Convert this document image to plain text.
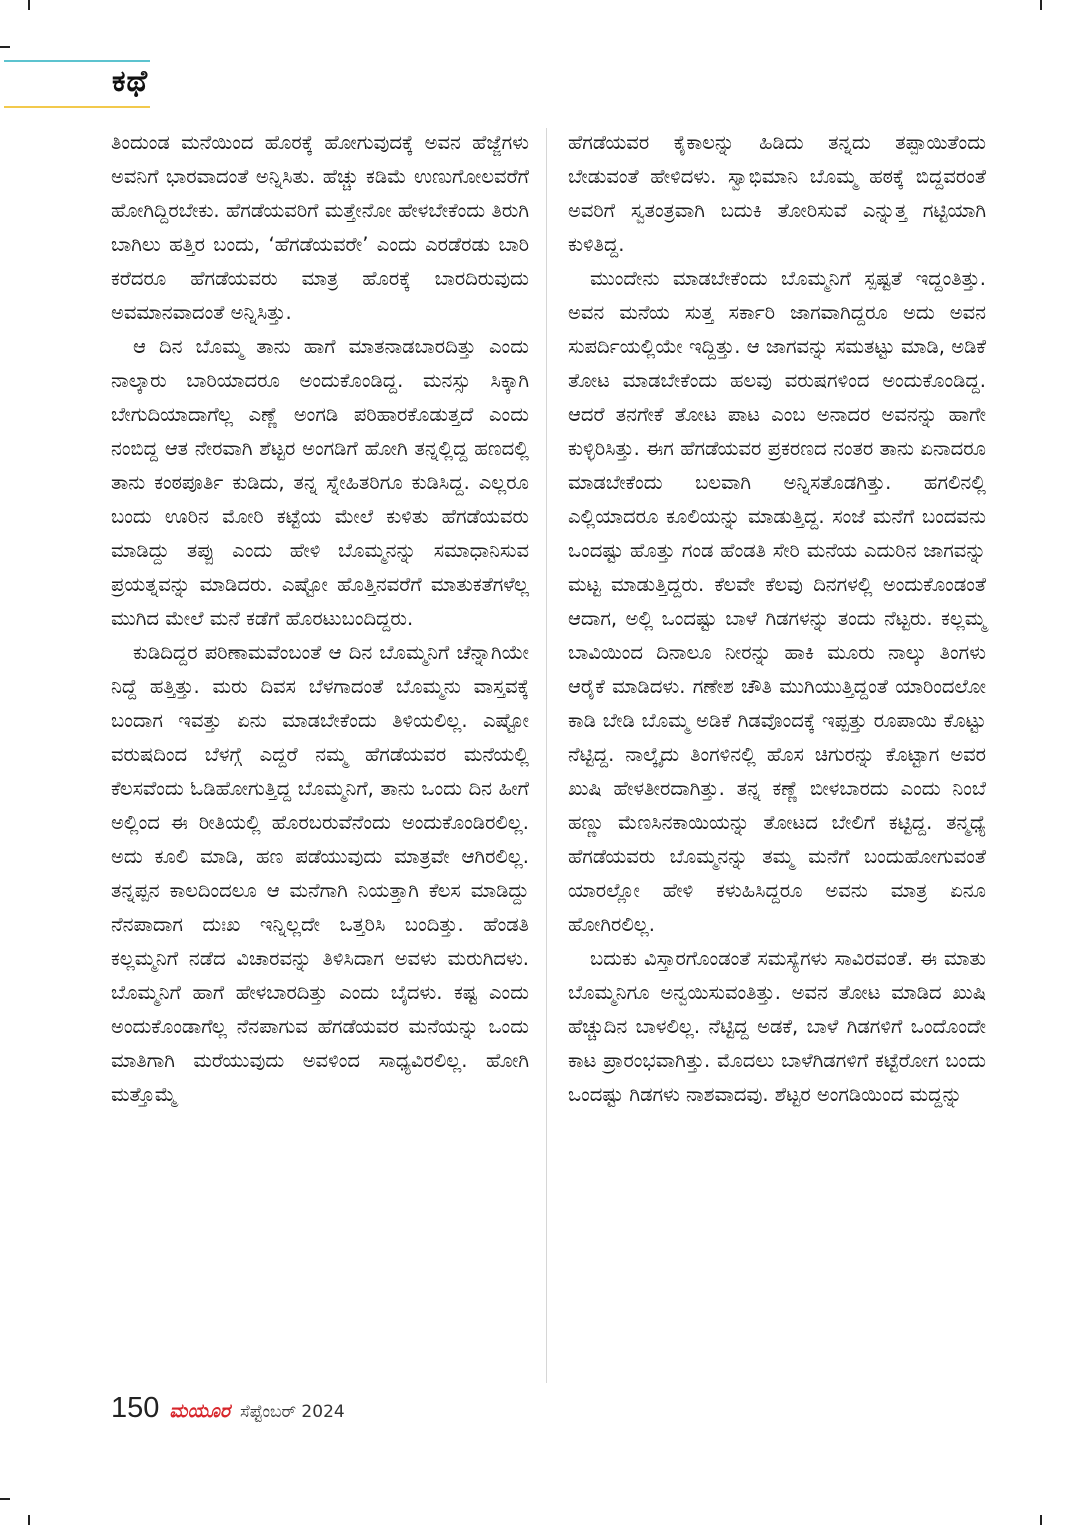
ಕಥೆ

ತಿಂದುಂಡ ಮನೆಯಿಂದ ಹೊರಕ್ಕೆ ಹೋಗುವುದಕ್ಕೆ ಅವನ ಹೆಜ್ಜೆಗಳು ಅವನಿಗೆ ಭಾರವಾದಂತೆ ಅನ್ನಿಸಿತು. ಹೆಚ್ಚು ಕಡಿಮೆ ಉಣುಗೋಲವರೆಗೆ ಹೋಗಿದ್ದಿರಬೇಕು. ಹೆಗಡೆಯವರಿಗೆ ಮತ್ತೇನೋ ಹೇಳಬೇಕೆಂದು ತಿರುಗಿ ಬಾಗಿಲು ಹತ್ತಿರ ಬಂದು, ‘ಹೆಗಡೆಯವರೇ’ ಎಂದು ಎರಡೆರಡು ಬಾರಿ ಕರೆದರೂ ಹೆಗಡೆಯವರು ಮಾತ್ರ ಹೊರಕ್ಕೆ ಬಾರದಿರುವುದು ಅವಮಾನವಾದಂತೆ ಅನ್ನಿಸಿತ್ತು.

ಆ ದಿನ ಬೊಮ್ಮ ತಾನು ಹಾಗೆ ಮಾತನಾಡಬಾರದಿತ್ತು ಎಂದು ನಾಲ್ಕಾರು ಬಾರಿಯಾದರೂ ಅಂದುಕೊಂಡಿದ್ದ. ಮನಸ್ಸು ಸಿಕ್ಕಾಗಿ ಬೇಗುದಿಯಾದಾಗೆಲ್ಲ ಎಣ್ಣೆ ಅಂಗಡಿ ಪರಿಹಾರಕೊಡುತ್ತದೆ ಎಂದು ನಂಬಿದ್ದ ಆತ ನೇರವಾಗಿ ಶೆಟ್ಟರ ಅಂಗಡಿಗೆ ಹೋಗಿ ತನ್ನಲ್ಲಿದ್ದ ಹಣದಲ್ಲಿ ತಾನು ಕಂಠಪೂರ್ತಿ ಕುಡಿದು, ತನ್ನ ಸ್ನೇಹಿತರಿಗೂ ಕುಡಿಸಿದ್ದ. ಎಲ್ಲರೂ ಬಂದು ಊರಿನ ಮೋರಿ ಕಟ್ಟೆಯ ಮೇಲೆ ಕುಳಿತು ಹೆಗಡೆಯವರು ಮಾಡಿದ್ದು ತಪ್ಪು ಎಂದು ಹೇಳಿ ಬೊಮ್ಮನನ್ನು ಸಮಾಧಾನಿಸುವ ಪ್ರಯತ್ನವನ್ನು ಮಾಡಿದರು. ಎಷ್ಟೋ ಹೊತ್ತಿನವರೆಗೆ ಮಾತುಕತೆಗಳೆಲ್ಲ ಮುಗಿದ ಮೇಲೆ ಮನೆ ಕಡೆಗೆ ಹೊರಟುಬಂದಿದ್ದರು.

ಕುಡಿದಿದ್ದರ ಪರಿಣಾಮವೆಂಬಂತೆ ಆ ದಿನ ಬೊಮ್ಮನಿಗೆ ಚೆನ್ನಾಗಿಯೇ ನಿದ್ದೆ ಹತ್ತಿತ್ತು. ಮರು ದಿವಸ ಬೆಳಗಾದಂತೆ ಬೊಮ್ಮನು ವಾಸ್ತವಕ್ಕೆ ಬಂದಾಗ ಇವತ್ತು ಏನು ಮಾಡಬೇಕೆಂದು ತಿಳಿಯಲಿಲ್ಲ. ಎಷ್ಟೋ ವರುಷದಿಂದ ಬೆಳಗ್ಗೆ ಎದ್ದರೆ ನಮ್ಮ ಹೆಗಡೆಯವರ ಮನೆಯಲ್ಲಿ ಕೆಲಸವೆಂದು ಓಡಿಹೋಗುತ್ತಿದ್ದ ಬೊಮ್ಮನಿಗೆ, ತಾನು ಒಂದು ದಿನ ಹೀಗೆ ಅಲ್ಲಿಂದ ಈ ರೀತಿಯಲ್ಲಿ ಹೊರಬರುವೆನೆಂದು ಅಂದುಕೊಂಡಿರಲಿಲ್ಲ. ಅದು ಕೂಲಿ ಮಾಡಿ, ಹಣ ಪಡೆಯುವುದು ಮಾತ್ರವೇ ಆಗಿರಲಿಲ್ಲ. ತನ್ನಪ್ಪನ ಕಾಲದಿಂದಲೂ ಆ ಮನೆಗಾಗಿ ನಿಯತ್ತಾಗಿ ಕೆಲಸ ಮಾಡಿದ್ದು ನೆನಪಾದಾಗ ದುಃಖ ಇನ್ನಿಲ್ಲದೇ ಒತ್ತರಿಸಿ ಬಂದಿತ್ತು. ಹೆಂಡತಿ ಕಲ್ಲಮ್ಮನಿಗೆ ನಡೆದ ವಿಚಾರವನ್ನು ತಿಳಿಸಿದಾಗ ಅವಳು ಮರುಗಿದಳು. ಬೊಮ್ಮನಿಗೆ ಹಾಗೆ ಹೇಳಬಾರದಿತ್ತು ಎಂದು ಬೈದಳು. ಕಷ್ಟ ಎಂದು ಅಂದುಕೊಂಡಾಗೆಲ್ಲ ನೆನಪಾಗುವ ಹೆಗಡೆಯವರ ಮನೆಯನ್ನು ಒಂದು ಮಾತಿಗಾಗಿ ಮರೆಯುವುದು ಅವಳಿಂದ ಸಾಧ್ಯವಿರಲಿಲ್ಲ. ಹೋಗಿ ಮತ್ತೊಮ್ಮೆ

ಹೆಗಡೆಯವರ ಕೈಕಾಲನ್ನು ಹಿಡಿದು ತನ್ನದು ತಪ್ಪಾಯಿತೆಂದು ಬೇಡುವಂತೆ ಹೇಳಿದಳು. ಸ್ವಾಭಿಮಾನಿ ಬೊಮ್ಮ ಹಠಕ್ಕೆ ಬಿದ್ದವರಂತೆ ಅವರಿಗೆ ಸ್ವತಂತ್ರವಾಗಿ ಬದುಕಿ ತೋರಿಸುವೆ ಎನ್ನುತ್ತ ಗಟ್ಟಿಯಾಗಿ ಕುಳಿತಿದ್ದ.

ಮುಂದೇನು ಮಾಡಬೇಕೆಂದು ಬೊಮ್ಮನಿಗೆ ಸ್ಪಷ್ಟತೆ ಇದ್ದಂತಿತ್ತು. ಅವನ ಮನೆಯ ಸುತ್ತ ಸರ್ಕಾರಿ ಜಾಗವಾಗಿದ್ದರೂ ಅದು ಅವನ ಸುಪರ್ದಿಯಲ್ಲಿಯೇ ಇದ್ದಿತ್ತು. ಆ ಜಾಗವನ್ನು ಸಮತಟ್ಟು ಮಾಡಿ, ಅಡಿಕೆ ತೋಟ ಮಾಡಬೇಕೆಂದು ಹಲವು ವರುಷಗಳಿಂದ ಅಂದುಕೊಂಡಿದ್ದ. ಆದರೆ ತನಗೇಕೆ ತೋಟ ಪಾಟ ಎಂಬ ಅನಾದರ ಅವನನ್ನು ಹಾಗೇ ಕುಳ್ಳಿರಿಸಿತ್ತು. ಈಗ ಹೆಗಡೆಯವರ ಪ್ರಕರಣದ ನಂತರ ತಾನು ಏನಾದರೂ ಮಾಡಬೇಕೆಂದು ಬಲವಾಗಿ ಅನ್ನಿಸತೊಡಗಿತ್ತು. ಹಗಲಿನಲ್ಲಿ ಎಲ್ಲಿಯಾದರೂ ಕೂಲಿಯನ್ನು ಮಾಡುತ್ತಿದ್ದ. ಸಂಜೆ ಮನೆಗೆ ಬಂದವನು ಒಂದಷ್ಟು ಹೊತ್ತು ಗಂಡ ಹೆಂಡತಿ ಸೇರಿ ಮನೆಯ ಎದುರಿನ ಜಾಗವನ್ನು ಮಟ್ಟ ಮಾಡುತ್ತಿದ್ದರು. ಕೆಲವೇ ಕೆಲವು ದಿನಗಳಲ್ಲಿ ಅಂದುಕೊಂಡಂತೆ ಆದಾಗ, ಅಲ್ಲಿ ಒಂದಷ್ಟು ಬಾಳೆ ಗಿಡಗಳನ್ನು ತಂದು ನೆಟ್ಟರು. ಕಲ್ಲಮ್ಮ ಬಾವಿಯಿಂದ ದಿನಾಲೂ ನೀರನ್ನು ಹಾಕಿ ಮೂರು ನಾಲ್ಕು ತಿಂಗಳು ಆರೈಕೆ ಮಾಡಿದಳು. ಗಣೇಶ ಚೌತಿ ಮುಗಿಯುತ್ತಿದ್ದಂತೆ ಯಾರಿಂದಲೋ ಕಾಡಿ ಬೇಡಿ ಬೊಮ್ಮ ಅಡಿಕೆ ಗಿಡವೊಂದಕ್ಕೆ ಇಪ್ಪತ್ತು ರೂಪಾಯಿ ಕೊಟ್ಟು ನೆಟ್ಟಿದ್ದ. ನಾಲ್ಕೈದು ತಿಂಗಳಿನಲ್ಲಿ ಹೊಸ ಚಿಗುರನ್ನು ಕೊಟ್ಟಾಗ ಅವರ ಖುಷಿ ಹೇಳತೀರದಾಗಿತ್ತು. ತನ್ನ ಕಣ್ಣೆ ಬೀಳಬಾರದು ಎಂದು ನಿಂಬೆ ಹಣ್ಣು ಮೆಣಸಿನಕಾಯಿಯನ್ನು ತೋಟದ ಬೇಲಿಗೆ ಕಟ್ಟಿದ್ದ. ತನ್ಮಧ್ಯೆ ಹೆಗಡೆಯವರು ಬೊಮ್ಮನನ್ನು ತಮ್ಮ ಮನೆಗೆ ಬಂದುಹೋಗುವಂತೆ ಯಾರಲ್ಲೋ ಹೇಳಿ ಕಳುಹಿಸಿದ್ದರೂ ಅವನು ಮಾತ್ರ ಏನೂ ಹೋಗಿರಲಿಲ್ಲ.

ಬದುಕು ವಿಸ್ತಾರಗೊಂಡಂತೆ ಸಮಸ್ಯೆಗಳು ಸಾವಿರವಂತೆ. ಈ ಮಾತು ಬೊಮ್ಮನಿಗೂ ಅನ್ವಯಿಸುವಂತಿತ್ತು. ಅವನ ತೋಟ ಮಾಡಿದ ಖುಷಿ ಹೆಚ್ಚುದಿನ ಬಾಳಲಿಲ್ಲ. ನೆಟ್ಟಿದ್ದ ಅಡಕೆ, ಬಾಳೆ ಗಿಡಗಳಿಗೆ ಒಂದೊಂದೇ ಕಾಟ ಪ್ರಾರಂಭವಾಗಿತ್ತು. ಮೊದಲು ಬಾಳೆಗಿಡಗಳಿಗೆ ಕಟ್ಟೆರೋಗ ಬಂದು ಒಂದಷ್ಟು ಗಿಡಗಳು ನಾಶವಾದವು. ಶೆಟ್ಟರ ಅಂಗಡಿಯಿಂದ ಮದ್ದನ್ನು

150 ಮಯೂರ ಸೆಪ್ಟೆಂಬರ್ 2024
